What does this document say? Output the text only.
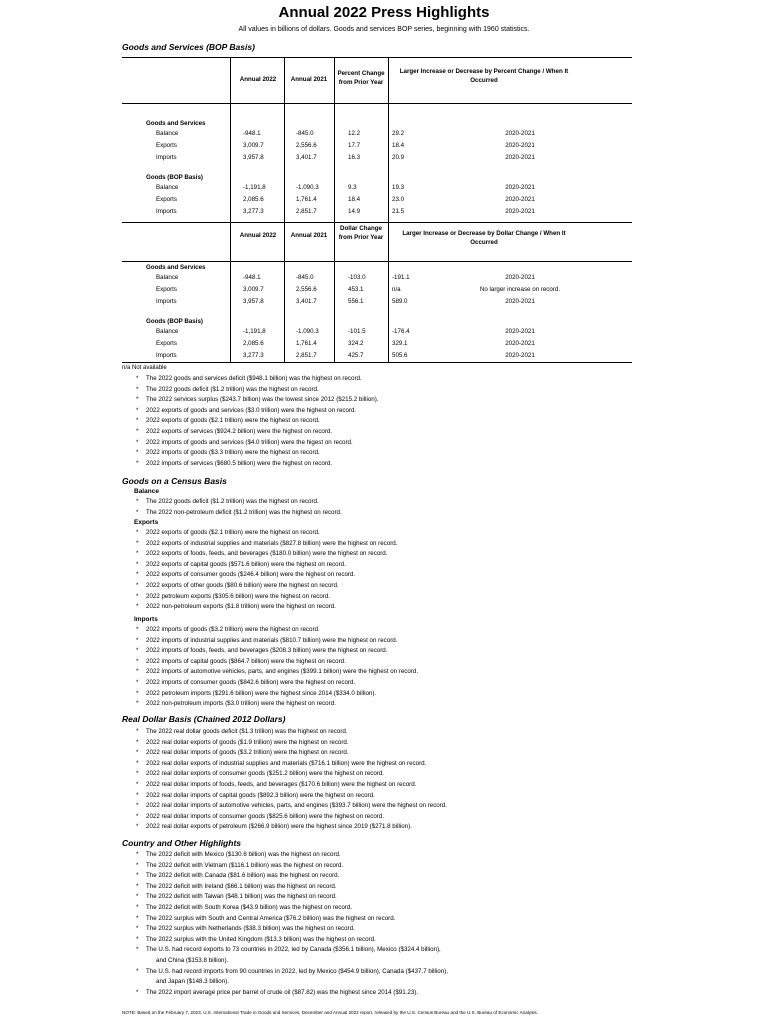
Annual 2022 Press Highlights
All values in billions of dollars. Goods and services BOP series, beginning with 1960 statistics.
Goods and Services (BOP Basis)
Annual 2022	Annual 2021
Percent Change from Prior Year
Larger Increase or Decrease by Percent Change / When It Occurred
Goods and Services
Balance	-948.1	-845.0	12.2	29.2	2020-2021
Exports	3,009.7	2,556.6	17.7	18.4	2020-2021
Imports	3,957.8	3,401.7	16.3	20.9	2020-2021
Goods (BOP Basis)
Balance	-1,191.8	-1,090.3	9.3	19.3	2020-2021
Exports	2,085.6	1,761.4	18.4	23.0	2020-2021
Imports	3,277.3	2,851.7	14.9	21.5	2020-2021
Annual 2022	Annual 2021
Dollar Change from Prior Year
Larger Increase or Decrease by Dollar Change / When It Occurred
Goods and Services
Balance	-948.1	-845.0	-103.0	-191.1	2020-2021
Exports	3,009.7	2,556.6	453.1	n/a	No larger increase on record.
Imports	3,957.8	3,401.7	556.1	589.0	2020-2021
Goods (BOP Basis)
Balance	-1,191.8	-1,090.3	-101.5	-176.4	2020-2021
Exports	2,085.6	1,761.4	324.2	329.1	2020-2021
Imports	3,277.3	2,851.7	425.7	505.6	2020-2021
n/a Not available
* The 2022 goods and services deficit ($948.1 billion) was the highest on record.
* The 2022 goods deficit ($1.2 trillion) was the highest on record.
* The 2022 services surplus ($243.7 billion) was the lowest since 2012 ($215.2 billion).
* 2022 exports of goods and services ($3.0 trillion) were the highest on record.
* 2022 exports of goods ($2.1 trillion) were the highest on record.
* 2022 exports of services ($924.2 billion) were the highest on record.
* 2022 imports of goods and services ($4.0 trillion) were the higest on record.
* 2022 imports of goods ($3.3 trillion) were the highest on record.
* 2022 imports of services ($680.5 billion) were the highest on record.
Goods on a Census Basis
Balance
* The 2022 goods deficit ($1.2 trillion) was the highest on record.
* The 2022 non-petroleum deficit ($1.2 trillion) was the highest on record.
Exports
* 2022 exports of goods ($2.1 trillion) were the highest on record.
* 2022 exports of industrial supplies and materials ($827.8 billion) were the highest on record.
* 2022 exports of foods, feeds, and beverages ($180.0 billion) were the highest on record.
* 2022 exports of capital goods ($571.6 billion) were the highest on record.
* 2022 exports of consumer goods ($246.4 billion) were the highest on record.
* 2022 exports of other goods ($80.6 billion) were the highest on record.
* 2022 petroleum exports ($305.6 billion) were the highest on record.
* 2022 non-petroleum exports ($1.8 trillion) were the highest on record.
Imports
* 2022 imports of goods ($3.2 trillion) were the highest on record.
* 2022 imports of industrial supplies and materials ($810.7 billion) were the highest on record.
* 2022 imports of foods, feeds, and beverages ($208.3 billion) were the highest on record.
* 2022 imports of capital goods ($864.7 billion) were the highest on record.
* 2022 imports of automotive vehicles, parts, and engines ($399.1 billion) were the highest on record.
* 2022 imports of consumer goods ($842.6 billion) were the highest on record.
* 2022 petroleum imports ($291.6 billion) were the highest since 2014 ($334.0 billion).
* 2022 non-petroleum imports ($3.0 trillion) were the highest on record.
Real Dollar Basis (Chained 2012 Dollars)
* The 2022 real dollar goods deficit ($1.3 trillion) was the highest on record.
* 2022 real dollar exports of goods ($1.9 trillion) were the highest on record.
* 2022 real dollar imports of goods ($3.2 trillion) were the highest on record.
* 2022 real dollar exports of industrial supplies and materials ($716.1 billion) were the highest on record.
* 2022 real dollar exports of consumer goods ($251.2 billion) were the highest on record.
* 2022 real dollar imports of foods, feeds, and beverages ($170.6 billion) were the highest on record.
* 2022 real dollar imports of capital goods ($892.3 billion) were the highest on record.
* 2022 real dollar imports of automotive vehicles, parts, and engines ($393.7 billion) were the highest on record.
* 2022 real dollar imports of consumer goods ($825.6 billion) were the highest on record.
* 2022 real dollar exports of petroleum ($266.9 billion) were the highest since 2019 ($271.8 billion).
Country and Other Highlights
* The 2022 deficit with Mexico ($130.6 billion) was the highest on record.
* The 2022 deficit with Vietnam ($116.1 billion) was the highest on record.
* The 2022 deficit with Canada ($81.6 billion) was the highest on record.
* The 2022 deficit with Ireland ($66.1 billion) was the highest on record.
* The 2022 deficit with Taiwan ($48.1 billion) was the highest on record.
* The 2022 deficit with South Korea ($43.9 billion) was the highest on record.
* The 2022 surplus with South and Central America ($76.2 billion) was the highest on record.
* The 2022 surplus with Netherlands ($38.3 billion) was the highest on record.
* The 2022 surplus with the United Kingdom ($13.3 billion) was the highest on record.
* The U.S. had record exports to 73 countries in 2022, led by Canada ($356.1 billion), Mexico ($324.4 billion),
and China ($153.8 billion).
* The U.S. had record imports from 90 countries in 2022, led by Mexico ($454.9 billion), Canada ($437.7 billion),
and Japan ($148.3 billion).
* The 2022 import average price per barrel of crude oil ($87.82) was the highest since 2014 ($91.23).
NOTE: Based on the February 7, 2023, U.S. International Trade in Goods and Services, December and Annual 2022 report, released by the U.S. Census Bureau and the U.S. Bureau of Economic Analysis.
